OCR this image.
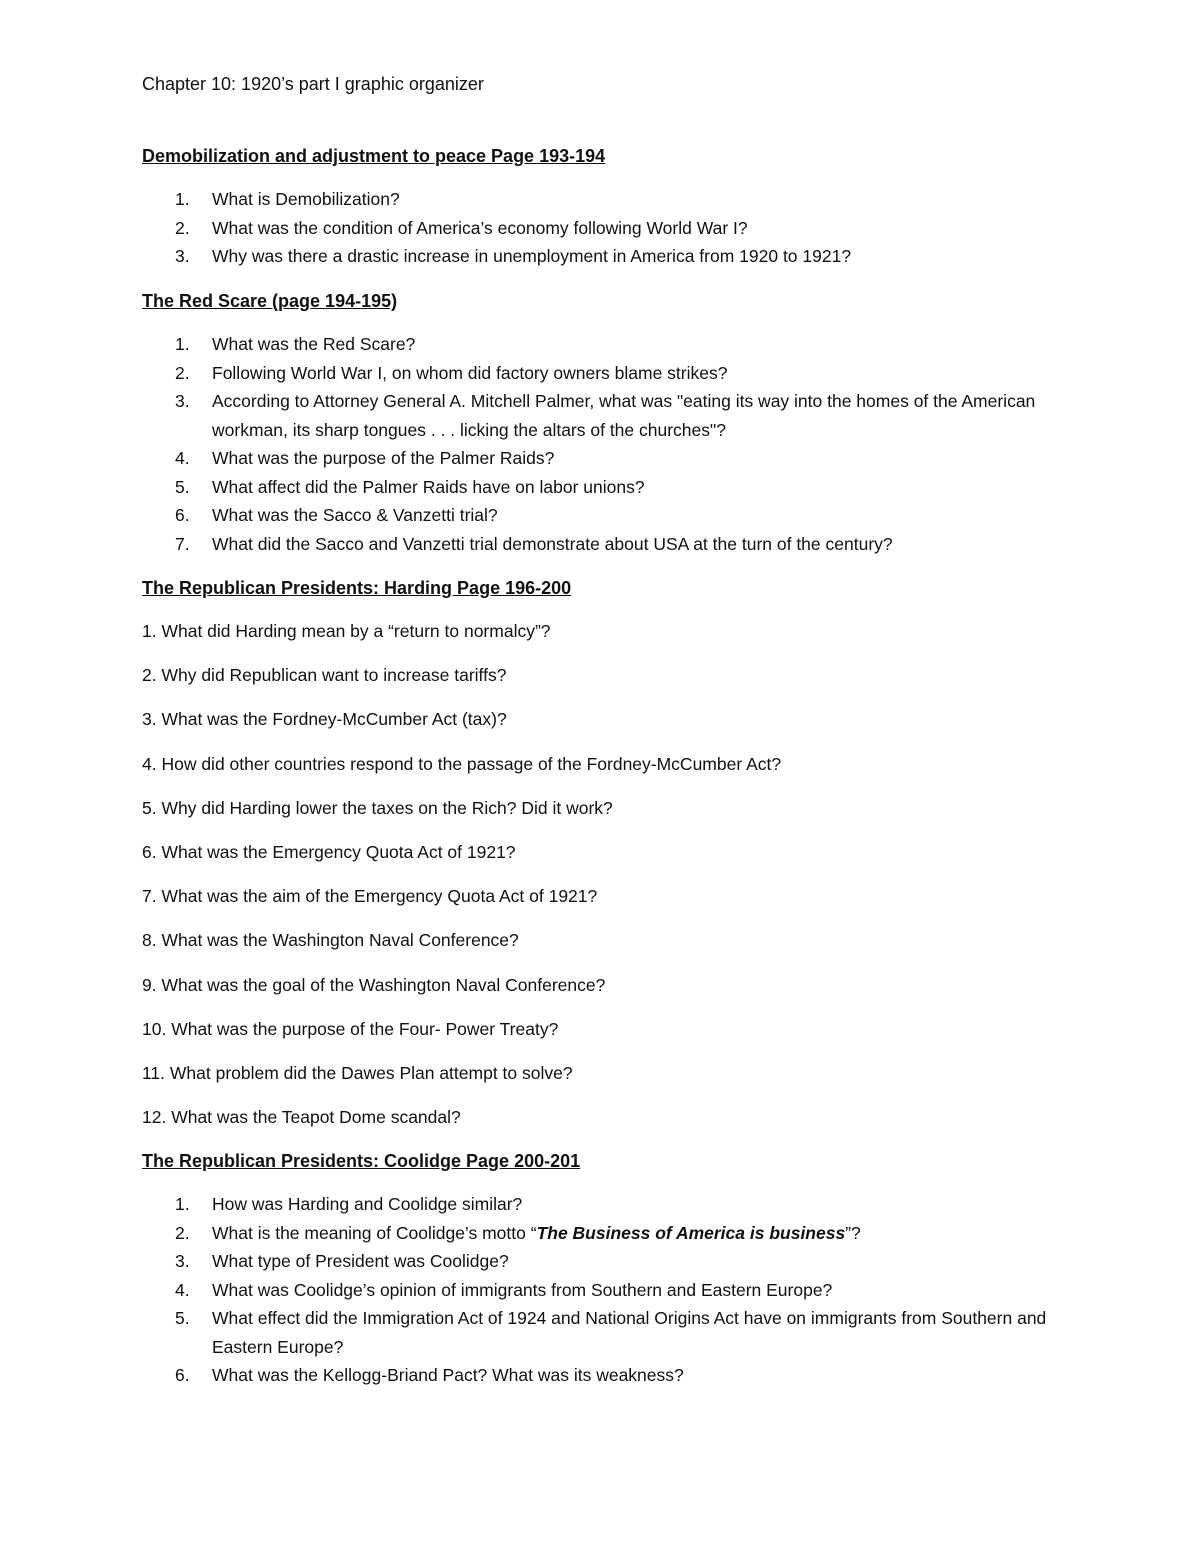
Chapter 10: 1920’s part I graphic organizer
Demobilization and adjustment to peace Page 193-194
1.	What is Demobilization?
2.	What was the condition of America’s economy following World War I?
3.	Why was there a drastic increase in unemployment in America from 1920 to 1921?
The Red Scare (page 194-195)
1.	What was the Red Scare?
2.	Following World War I, on whom did factory owners blame strikes?
3.	According to Attorney General A. Mitchell Palmer, what was "eating its way into the homes of the American workman, its sharp tongues . . . licking the altars of the churches"?
4.	What was the purpose of the Palmer Raids?
5.	What affect did the Palmer Raids have on labor unions?
6.	What was the Sacco & Vanzetti trial?
7.	What did the Sacco and Vanzetti trial demonstrate about USA at the turn of the century?
The Republican Presidents: Harding Page 196-200
1. What did Harding mean by a “return to normalcy”?
2. Why did Republican want to increase tariffs?
3. What was the Fordney-McCumber Act (tax)?
4. How did other countries respond to the passage of the Fordney-McCumber Act?
5. Why did Harding lower the taxes on the Rich? Did it work?
6. What was the Emergency Quota Act of 1921?
7. What was the aim of the Emergency Quota Act of 1921?
8. What was the Washington Naval Conference?
9. What was the goal of the Washington Naval Conference?
10. What was the purpose of the Four- Power Treaty?
11. What problem did the Dawes Plan attempt to solve?
12. What was the Teapot Dome scandal?
The Republican Presidents: Coolidge Page 200-201
1.	How was Harding and Coolidge similar?
2.	What is the meaning of Coolidge’s motto “The Business of America is business”?
3.	What type of President was Coolidge?
4.	What was Coolidge’s opinion of immigrants from Southern and Eastern Europe?
5.	What effect did the Immigration Act of 1924 and National Origins Act have on immigrants from Southern and Eastern Europe?
6.	What was the Kellogg-Briand Pact? What was its weakness?
